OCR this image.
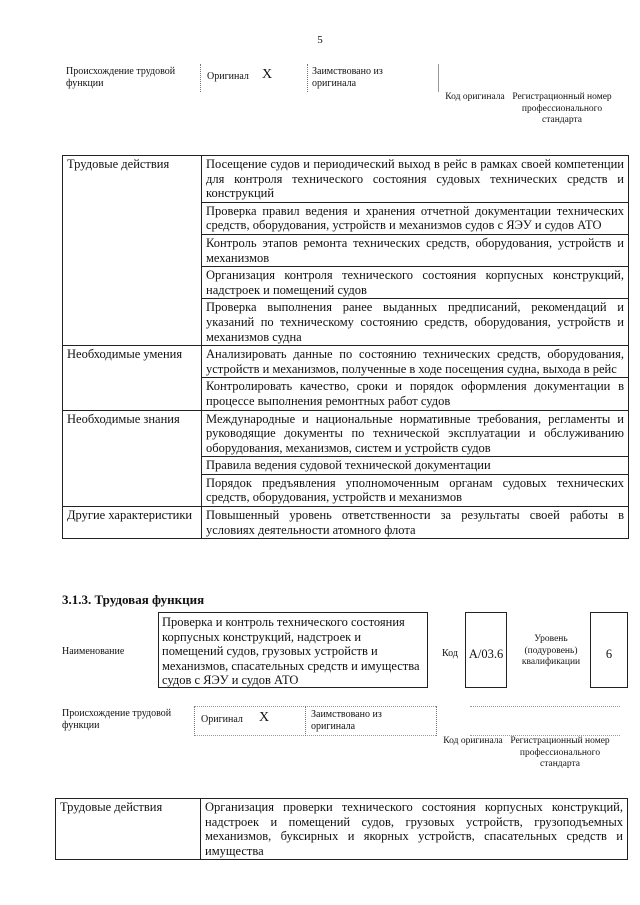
5
Происхождение трудовой функции
Оригинал X	Заимствовано из оригинала
Код оригинала Регистрационный номер профессионального стандарта
Трудовые действия	Посещение судов и периодический выход в рейс в рамках своей компетенции для контроля технического состояния судовых технических средств и конструкций
	Проверка правил ведения и хранения отчетной документации технических средств, оборудования, устройств и механизмов судов с ЯЭУ и судов АТО
	Контроль этапов ремонта технических средств, оборудования, устройств и механизмов
	Организация контроля технического состояния корпусных конструкций, надстроек и помещений судов
	Проверка выполнения ранее выданных предписаний, рекомендаций и указаний по техническому состоянию средств, оборудования, устройств и механизмов судна
Необходимые умения	Анализировать данные по состоянию технических средств, оборудования, устройств и механизмов, полученные в ходе посещения судна, выхода в рейс
	Контролировать качество, сроки и порядок оформления документации в процессе выполнения ремонтных работ судов
Необходимые знания	Международные и национальные нормативные требования, регламенты и руководящие документы по технической эксплуатации и обслуживанию оборудования, механизмов, систем и устройств судов
	Правила ведения судовой технической документации
	Порядок предъявления уполномоченным органам судовых технических средств, оборудования, устройств и механизмов
Другие характеристики	Повышенный уровень ответственности за результаты своей работы в условиях деятельности атомного флота
3.1.3. Трудовая функция
Наименование
Проверка и контроль технического состояния корпусных конструкций, надстроек и помещений судов, грузовых устройств и механизмов, спасательных средств и имущества судов с ЯЭУ и судов АТО
Код А/03.6
Уровень (подуровень) квалификации
6
Происхождение трудовой функции
Оригинал X	Заимствовано из оригинала
Код оригинала Регистрационный номер профессионального стандарта
Трудовые действия	Организация проверки технического состояния корпусных конструкций, надстроек и помещений судов, грузовых устройств, грузоподъемных механизмов, буксирных и якорных устройств, спасательных средств и имущества
